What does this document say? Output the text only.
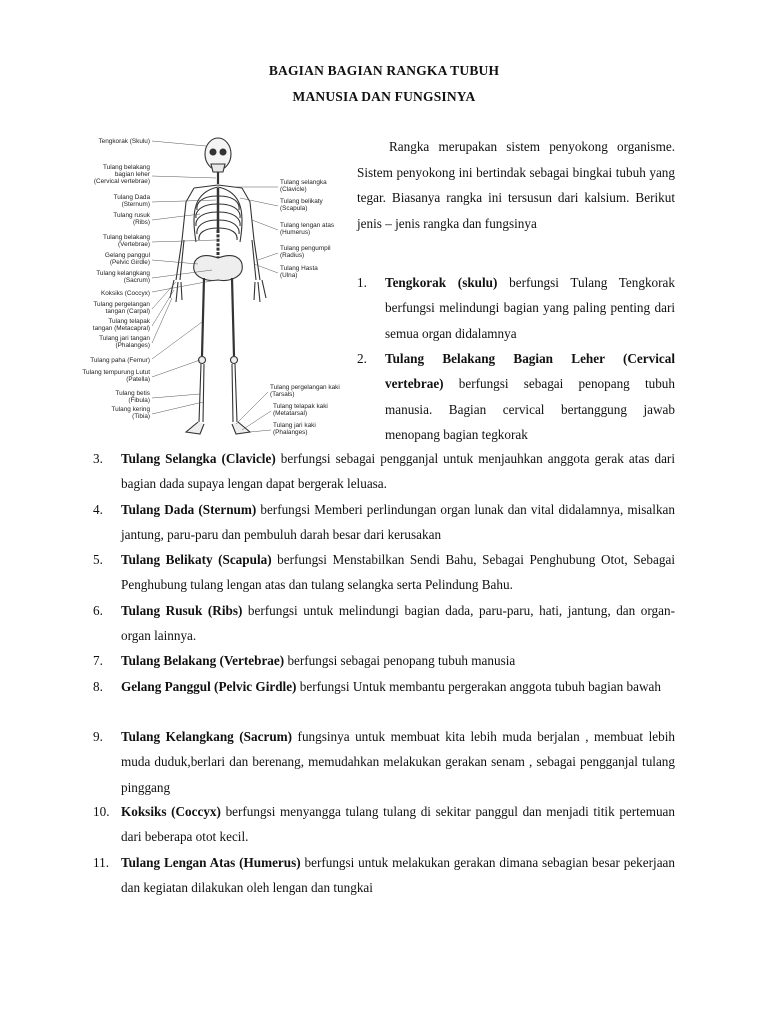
BAGIAN BAGIAN RANGKA TUBUH
MANUSIA DAN FUNGSINYA
Tengkorak (Skulu)
Tulang belakang
bagian leher
(Cervical vertebrae)
Tulang Dada
(Sternum)
Tulang rusuk
(Ribs)
Tulang belakang
(Vertebrae)
Gelang panggul
(Pelvic Girdle)
Tulang kelangkang
(Sacrum)
Koksiks (Coccyx)
Tulang pergelangan
tangan (Carpal)
Tulang telapak
tangan (Metacapral)
Tulang jari tangan
(Phalanges)
Tulang paha (Femur)
Tulang tempurung Lutut
(Patella)
Tulang betis
(Fibula)
Tulang kering
(Tibia)
Tulang selangka
(Clavicle)
Tulang belikaty
(Scapula)
Tulang lengan atas
(Humerus)
Tulang pengumpil
(Radius)
Tulang Hasta
(Ulna)
Tulang pergelangan kaki
(Tarsals)
Tulang telapak kaki
(Metatarsal)
Tulang jari kaki
(Phalanges)
Rangka merupakan sistem penyokong organisme. Sistem penyokong ini bertindak sebagai bingkai tubuh yang tegar. Biasanya rangka ini tersusun dari kalsium. Berikut jenis – jenis rangka dan fungsinya
1. Tengkorak (skulu) berfungsi Tulang Tengkorak berfungsi melindungi bagian yang paling penting dari semua organ didalamnya
2. Tulang Belakang Bagian Leher (Cervical vertebrae) berfungsi sebagai penopang tubuh manusia. Bagian cervical bertanggung jawab menopang bagian tegkorak
3. Tulang Selangka (Clavicle) berfungsi sebagai pengganjal untuk menjauhkan anggota gerak atas dari bagian dada supaya lengan dapat bergerak leluasa.
4. Tulang Dada (Sternum) berfungsi Memberi perlindungan organ lunak dan vital didalamnya, misalkan jantung, paru-paru dan pembuluh darah besar dari kerusakan
5. Tulang Belikaty (Scapula) berfungsi Menstabilkan Sendi Bahu, Sebagai Penghubung Otot, Sebagai Penghubung tulang lengan atas dan tulang selangka serta Pelindung Bahu.
6. Tulang Rusuk (Ribs) berfungsi untuk melindungi bagian dada, paru-paru, hati, jantung, dan organ-organ lainnya.
7. Tulang Belakang (Vertebrae) berfungsi sebagai penopang tubuh manusia
8. Gelang Panggul (Pelvic Girdle) berfungsi Untuk membantu pergerakan anggota tubuh bagian bawah
9. Tulang Kelangkang (Sacrum) fungsinya untuk membuat kita lebih muda berjalan , membuat lebih muda duduk,berlari dan berenang, memudahkan melakukan gerakan senam , sebagai pengganjal tulang pinggang
10. Koksiks (Coccyx) berfungsi menyangga tulang tulang di sekitar panggul dan menjadi titik pertemuan dari beberapa otot kecil.
11. Tulang Lengan Atas (Humerus) berfungsi untuk melakukan gerakan dimana sebagian besar pekerjaan dan kegiatan dilakukan oleh lengan dan tungkai
